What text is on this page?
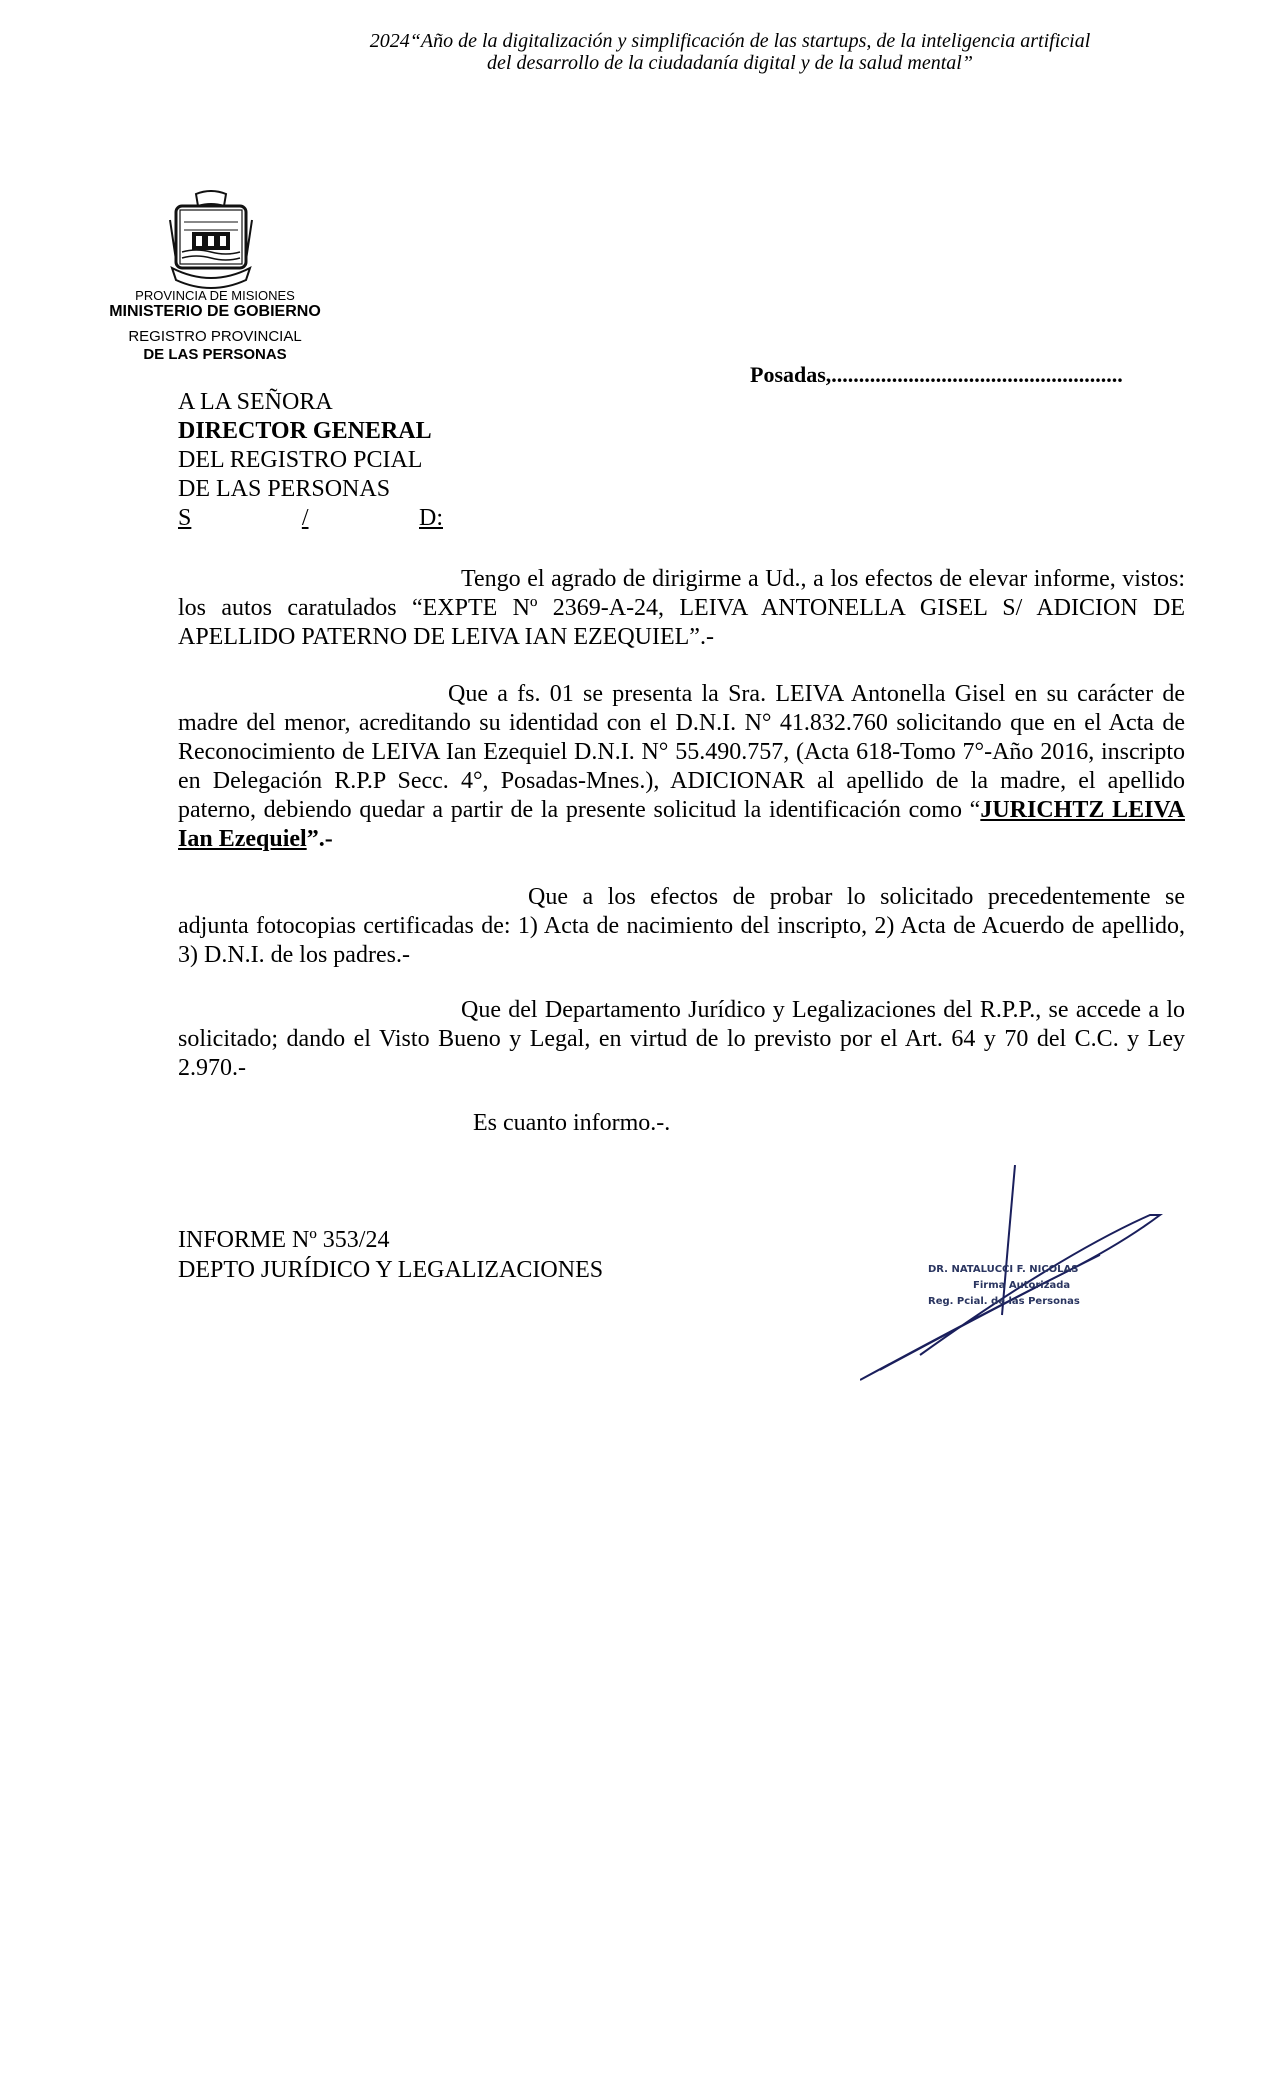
2024“Año de la digitalización y simplificación de las startups, de la inteligencia artificial
del desarrollo de la ciudadanía digital y de la salud mental”
PROVINCIA DE MISIONES
MINISTERIO DE GOBIERNO
REGISTRO PROVINCIAL
DE LAS PERSONAS
Posadas,.....................................................
A LA SEÑORA
DIRECTOR GENERAL
DEL REGISTRO PCIAL
DE LAS PERSONAS
S	/	D:
Tengo el agrado de dirigirme a Ud., a los efectos de elevar informe, vistos: los autos caratulados “EXPTE Nº 2369-A-24, LEIVA ANTONELLA GISEL S/ ADICION DE APELLIDO PATERNO DE LEIVA IAN EZEQUIEL”.-
Que a fs. 01 se presenta la Sra. LEIVA Antonella Gisel en su carácter de madre del menor, acreditando su identidad con el D.N.I. N° 41.832.760 solicitando que en el Acta de Reconocimiento de LEIVA Ian Ezequiel D.N.I. N° 55.490.757, (Acta 618-Tomo 7°-Año 2016, inscripto en Delegación R.P.P Secc. 4°, Posadas-Mnes.), ADICIONAR al apellido de la madre, el apellido paterno, debiendo quedar a partir de la presente solicitud la identificación como “JURICHTZ LEIVA Ian Ezequiel”.-
Que a los efectos de probar lo solicitado precedentemente se adjunta fotocopias certificadas de: 1) Acta de nacimiento del inscripto, 2) Acta de Acuerdo de apellido, 3) D.N.I. de los padres.-
Que del Departamento Jurídico y Legalizaciones del R.P.P., se accede a lo solicitado; dando el Visto Bueno y Legal, en virtud de lo previsto por el Art. 64 y 70 del C.C. y Ley 2.970.-
Es cuanto informo.-.
INFORME Nº 353/24
DEPTO JURÍDICO Y LEGALIZACIONES	DR. NATALUCCI F. NICOLAS
Firma Autorizada
Reg. Pcial. de las Personas
